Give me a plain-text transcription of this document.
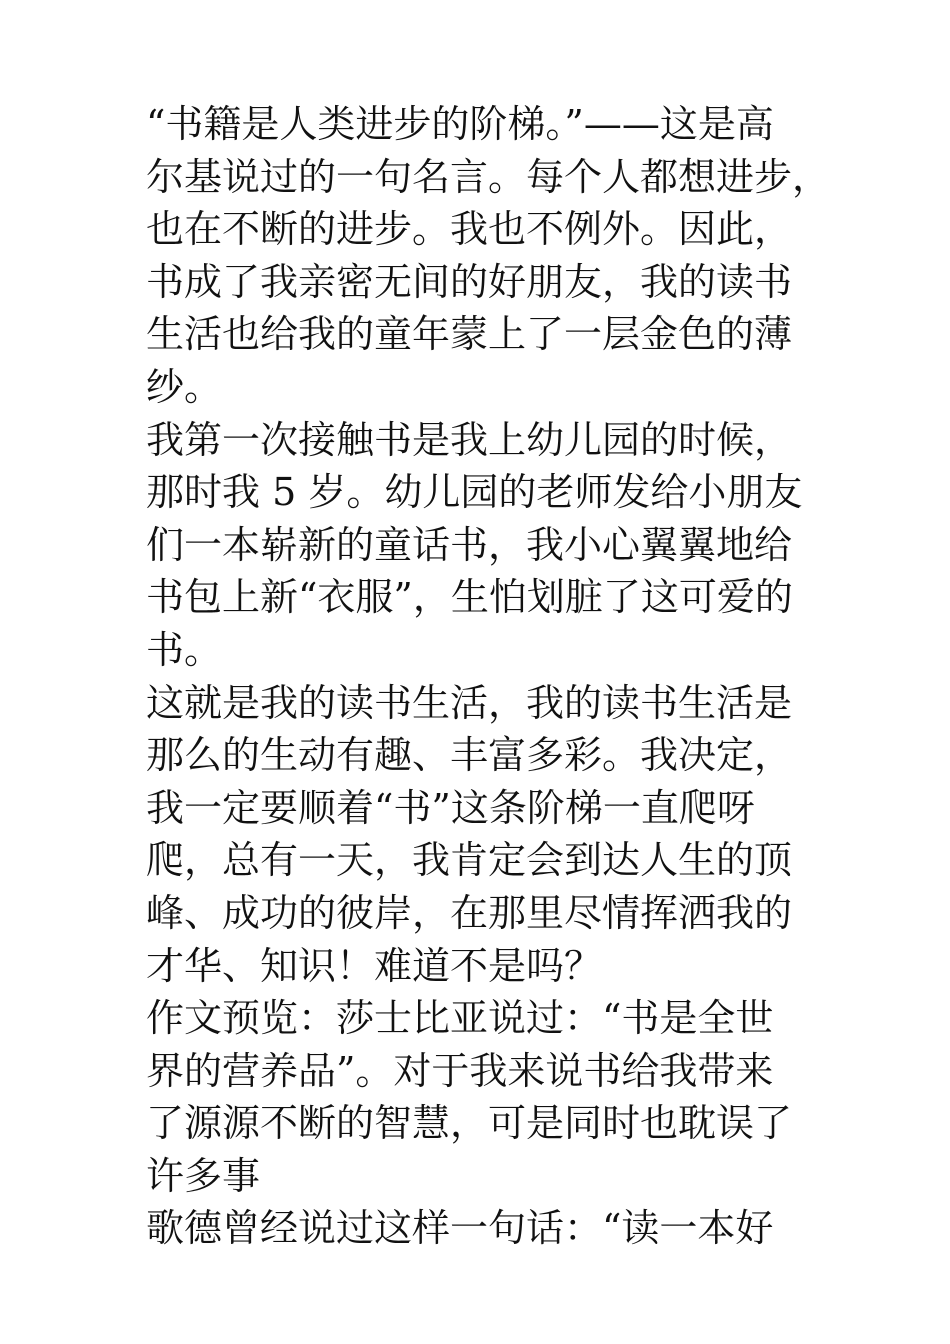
“书籍是人类进步的阶梯。”——这是高
尔基说过的一句名言。每个人都想进步，
也在不断的进步。我也不例外。因此，
书成了我亲密无间的好朋友，我的读书
生活也给我的童年蒙上了一层金色的薄
纱。
我第一次接触书是我上幼儿园的时候，
那时我 5 岁。幼儿园的老师发给小朋友
们一本崭新的童话书，我小心翼翼地给
书包上新“衣服”，生怕划脏了这可爱的
书。
这就是我的读书生活，我的读书生活是
那么的生动有趣、丰富多彩。我决定，
我一定要顺着“书”这条阶梯一直爬呀
爬，总有一天，我肯定会到达人生的顶
峰、成功的彼岸，在那里尽情挥洒我的
才华、知识！难道不是吗？
作文预览：莎士比亚说过：“书是全世
界的营养品”。对于我来说书给我带来
了源源不断的智慧，可是同时也耽误了
许多事
歌德曾经说过这样一句话：“读一本好
